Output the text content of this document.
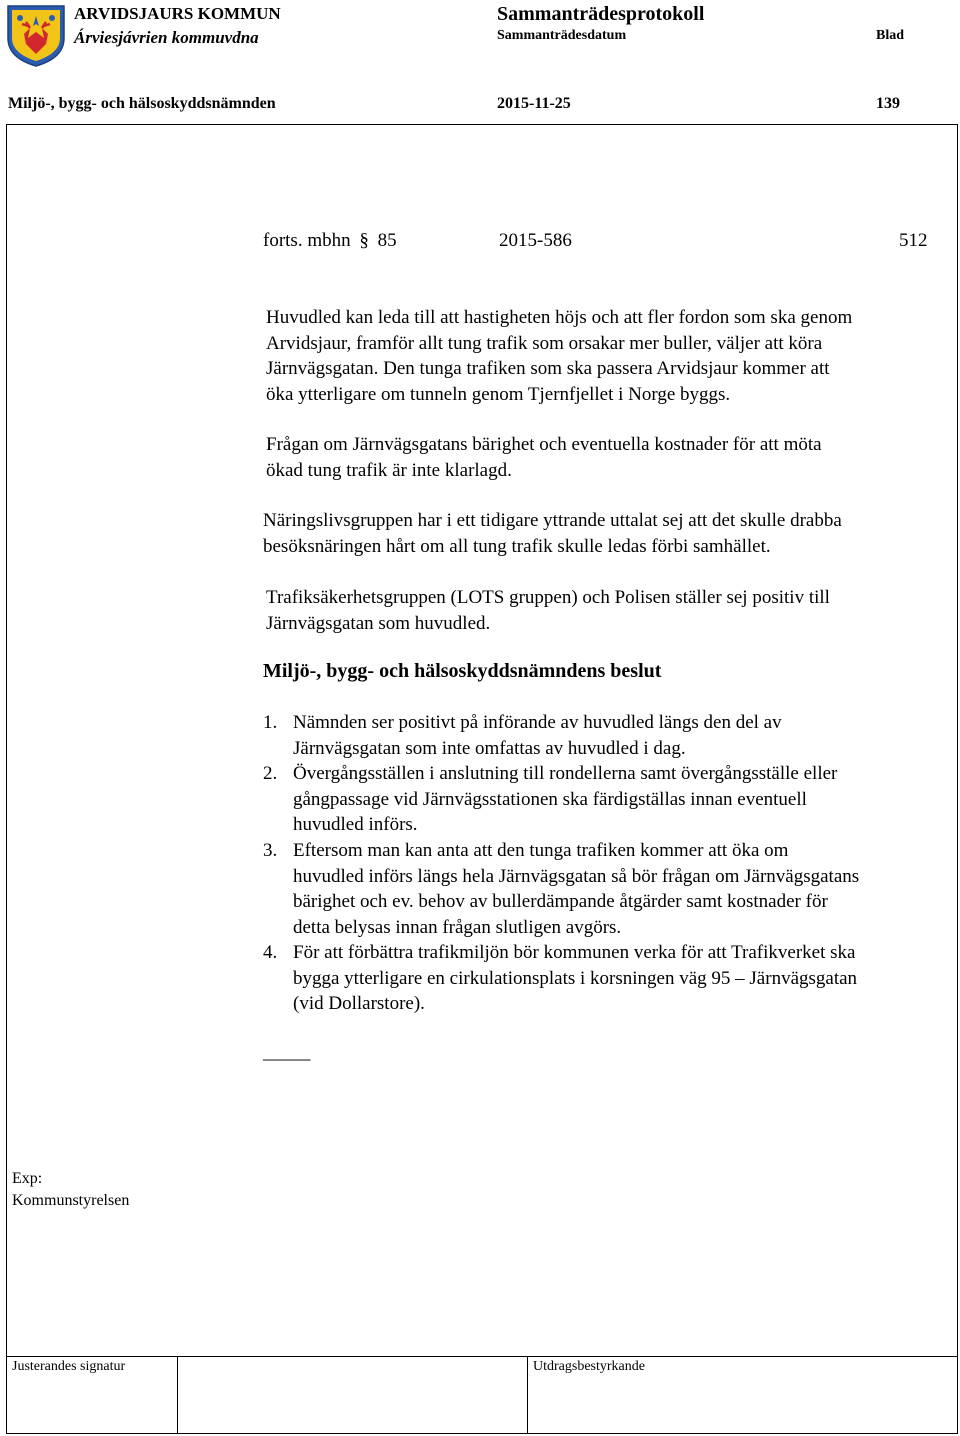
ARVIDSJAURS KOMMUN
Árviesjávrien kommuvdna
Sammanträdesprotokoll
Sammanträdesdatum	Blad
Miljö-, bygg- och hälsoskyddsnämnden	2015-11-25	139
forts. mbhn § 85	2015-586	512
Huvudled kan leda till att hastigheten höjs och att fler fordon som ska genom
Arvidsjaur, framför allt tung trafik som orsakar mer buller, väljer att köra
Järnvägsgatan. Den tunga trafiken som ska passera Arvidsjaur kommer att
öka ytterligare om tunneln genom Tjernfjellet i Norge byggs.
Frågan om Järnvägsgatans bärighet och eventuella kostnader för att möta
ökad tung trafik är inte klarlagd.
Näringslivsgruppen har i ett tidigare yttrande uttalat sej att det skulle drabba
besöksnäringen hårt om all tung trafik skulle ledas förbi samhället.
Trafiksäkerhetsgruppen (LOTS gruppen) och Polisen ställer sej positiv till
Järnvägsgatan som huvudled.
Miljö-, bygg- och hälsoskyddsnämndens beslut
1. Nämnden ser positivt på införande av huvudled längs den del av
Järnvägsgatan som inte omfattas av huvudled i dag.
2. Övergångsställen i anslutning till rondellerna samt övergångsställe eller
gångpassage vid Järnvägsstationen ska färdigställas innan eventuell
huvudled införs.
3. Eftersom man kan anta att den tunga trafiken kommer att öka om
huvudled införs längs hela Järnvägsgatan så bör frågan om Järnvägsgatans
bärighet och ev. behov av bullerdämpande åtgärder samt kostnader för
detta belysas innan frågan slutligen avgörs.
4. För att förbättra trafikmiljön bör kommunen verka för att Trafikverket ska
bygga ytterligare en cirkulationsplats i korsningen väg 95 – Järnvägsgatan
(vid Dollarstore).
_____
Exp:
Kommunstyrelsen
Justerandes signatur	Utdragsbestyrkande
